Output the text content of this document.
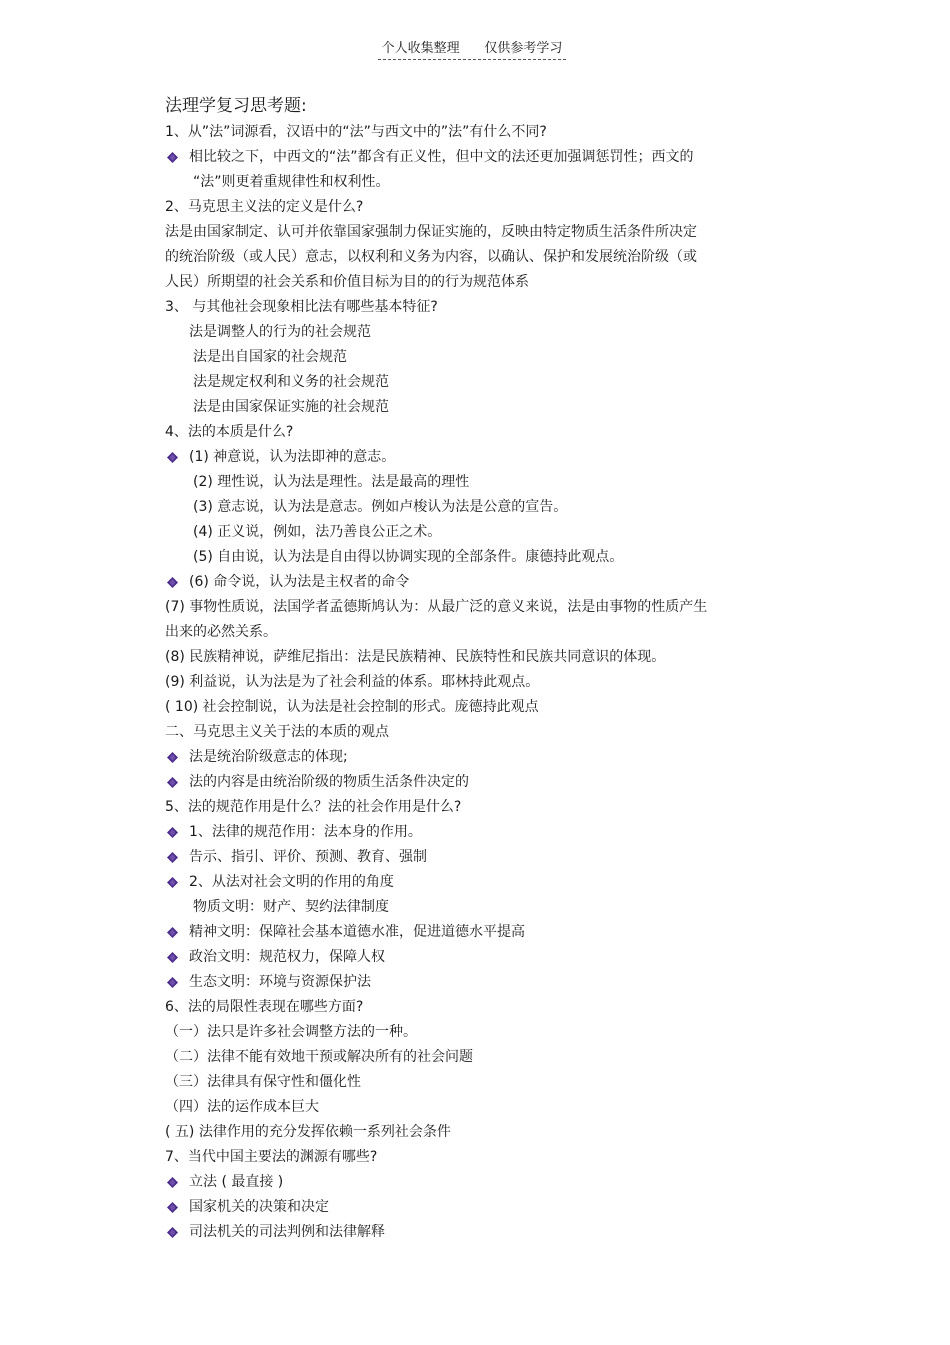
个人收集整理      仅供参考学习
法理学复习思考题:
1、从”法”词源看，汉语中的“法”与西文中的”法”有什么不同?
相比较之下，中西文的“法”都含有正义性，但中文的法还更加强调惩罚性；西文的
“法”则更着重规律性和权利性。
2、马克思主义法的定义是什么?
法是由国家制定、认可并依靠国家强制力保证实施的，反映由特定物质生活条件所决定
的统治阶级（或人民）意志，以权利和义务为内容，以确认、保护和发展统治阶级（或
人民）所期望的社会关系和价值目标为目的的行为规范体系
3、 与其他社会现象相比法有哪些基本特征?
法是调整人的行为的社会规范
法是出自国家的社会规范
法是规定权利和义务的社会规范
法是由国家保证实施的社会规范
4、法的本质是什么?
(1) 神意说，认为法即神的意志。
(2) 理性说，认为法是理性。法是最高的理性
(3) 意志说，认为法是意志。例如卢梭认为法是公意的宣告。
(4) 正义说，例如，法乃善良公正之术。
(5) 自由说，认为法是自由得以协调实现的全部条件。康德持此观点。
(6) 命令说，认为法是主权者的命令
(7) 事物性质说，法国学者孟德斯鸠认为：从最广泛的意义来说，法是由事物的性质产生
出来的必然关系。
(8) 民族精神说，萨维尼指出：法是民族精神、民族特性和民族共同意识的体现。
(9) 利益说，认为法是为了社会利益的体系。耶林持此观点。
( 10) 社会控制说，认为法是社会控制的形式。庞德持此观点
二、马克思主义关于法的本质的观点
法是统治阶级意志的体现;
法的内容是由统治阶级的物质生活条件决定的
5、法的规范作用是什么？法的社会作用是什么?
1、法律的规范作用：法本身的作用。
告示、指引、评价、预测、教育、强制
2、从法对社会文明的作用的角度
物质文明：财产、契约法律制度
精神文明：保障社会基本道德水准，促进道德水平提高
政治文明：规范权力，保障人权
生态文明：环境与资源保护法
6、法的局限性表现在哪些方面?
（一）法只是许多社会调整方法的一种。
（二）法律不能有效地干预或解决所有的社会问题
（三）法律具有保守性和僵化性
（四）法的运作成本巨大
( 五) 法律作用的充分发挥依赖一系列社会条件
7、当代中国主要法的渊源有哪些?
立法 ( 最直接 )
国家机关的决策和决定
司法机关的司法判例和法律解释
